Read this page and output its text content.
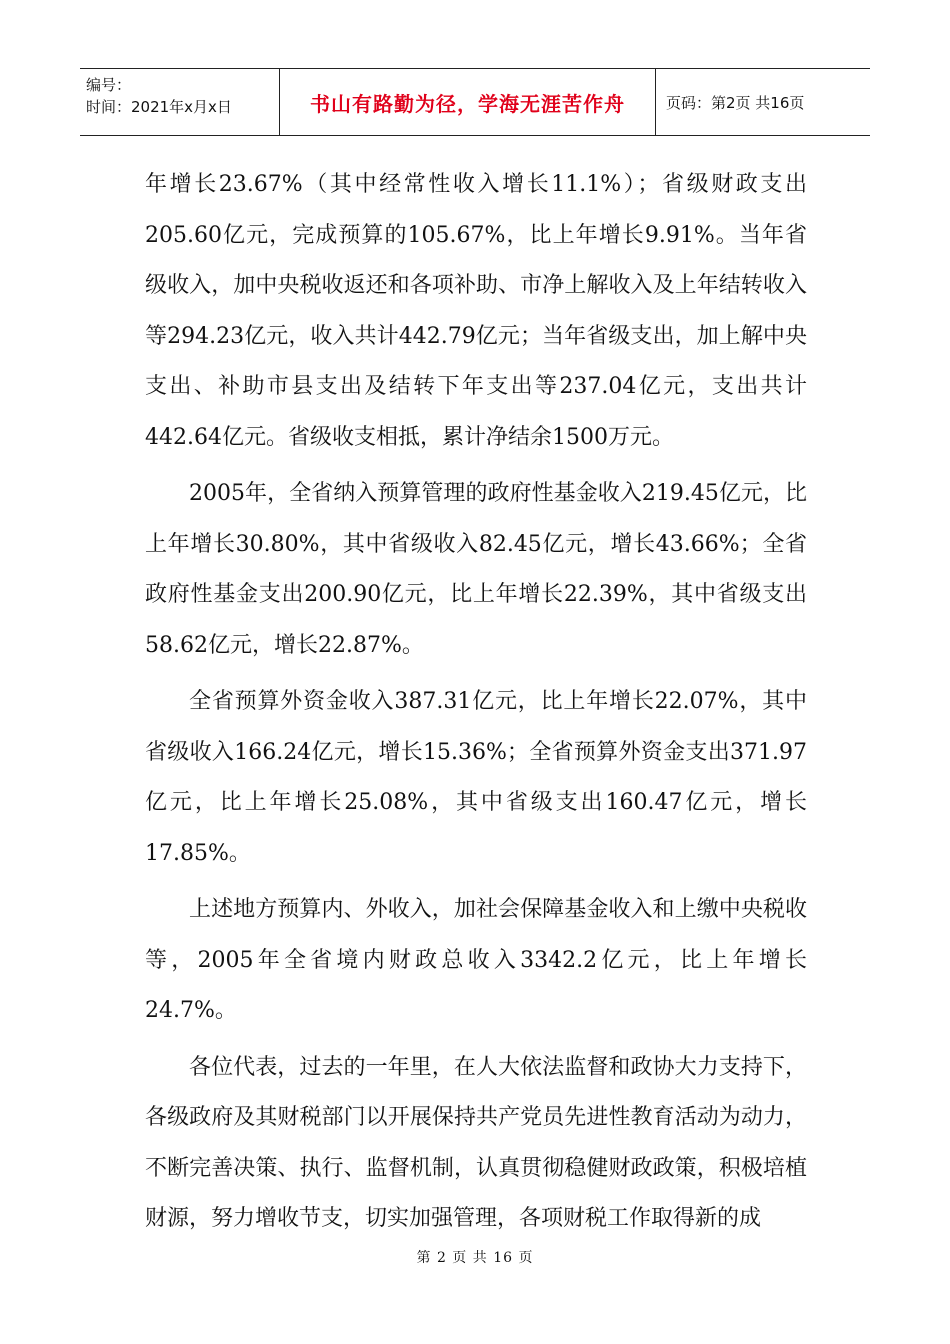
编号：
时间：2021年x月x日	书山有路勤为径，学海无涯苦作舟	页码：第2页 共16页

年增长23.67%（其中经常性收入增长11.1%）；省级财政支出205.60亿元，完成预算的105.67%，比上年增长9.91%。当年省级收入，加中央税收返还和各项补助、市净上解收入及上年结转收入等294.23亿元，收入共计442.79亿元；当年省级支出，加上解中央支出、补助市县支出及结转下年支出等237.04亿元，支出共计442.64亿元。省级收支相抵，累计净结余1500万元。

2005年，全省纳入预算管理的政府性基金收入219.45亿元，比上年增长30.80%，其中省级收入82.45亿元，增长43.66%；全省政府性基金支出200.90亿元，比上年增长22.39%，其中省级支出58.62亿元，增长22.87%。

全省预算外资金收入387.31亿元，比上年增长22.07%，其中省级收入166.24亿元，增长15.36%；全省预算外资金支出371.97亿元，比上年增长25.08%，其中省级支出160.47亿元，增长17.85%。

上述地方预算内、外收入，加社会保障基金收入和上缴中央税收等，2005年全省境内财政总收入3342.2亿元，比上年增长24.7%。

各位代表，过去的一年里，在人大依法监督和政协大力支持下，各级政府及其财税部门以开展保持共产党员先进性教育活动为动力，不断完善决策、执行、监督机制，认真贯彻稳健财政政策，积极培植财源，努力增收节支，切实加强管理，各项财税工作取得新的成

第 2 页 共 16 页
